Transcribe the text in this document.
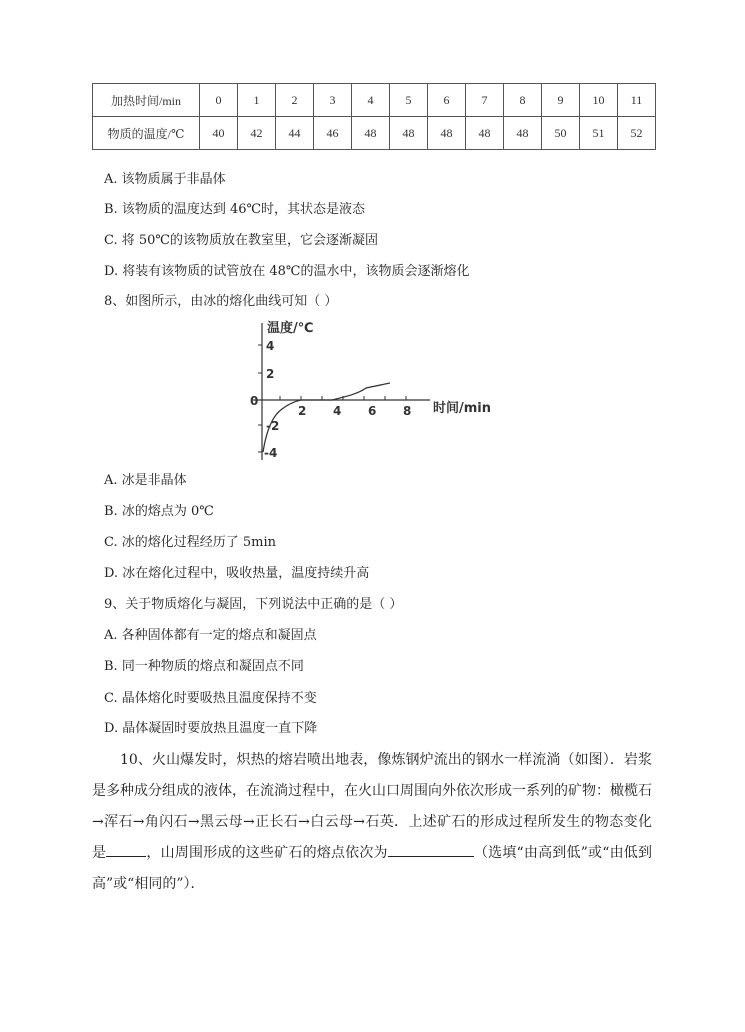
加热时间/min	0	1	2	3	4	5	6	7	8	9	10	11
物质的温度/℃	40	42	44	46	48	48	48	48	48	50	51	52
A. 该物质属于非晶体
B. 该物质的温度达到 46℃时，其状态是液态
C. 将 50℃的该物质放在教室里，它会逐渐凝固
D. 将装有该物质的试管放在 48℃的温水中，该物质会逐渐熔化
8、如图所示，由冰的熔化曲线可知（ ）
温度/℃
时间/min
0
4
2
-2
-4
2 4 6 8
A. 冰是非晶体
B. 冰的熔点为 0℃
C. 冰的熔化过程经历了 5min
D. 冰在熔化过程中，吸收热量，温度持续升高
9、关于物质熔化与凝固，下列说法中正确的是（ ）
A. 各种固体都有一定的熔点和凝固点
B. 同一种物质的熔点和凝固点不同
C. 晶体熔化时要吸热且温度保持不变
D. 晶体凝固时要放热且温度一直下降

10、火山爆发时，炽热的熔岩喷出地表，像炼钢炉流出的钢水一样流淌（如图）．岩浆是多种成分组成的液体，在流淌过程中，在火山口周围向外依次形成一系列的矿物：橄榄石→浑石→角闪石→黑云母→正长石→白云母→石英．上述矿石的形成过程所发生的物态变化是	，山周围形成的这些矿石的熔点依次为	（选填“由高到低”或“由低到高”或“相同的”）．
